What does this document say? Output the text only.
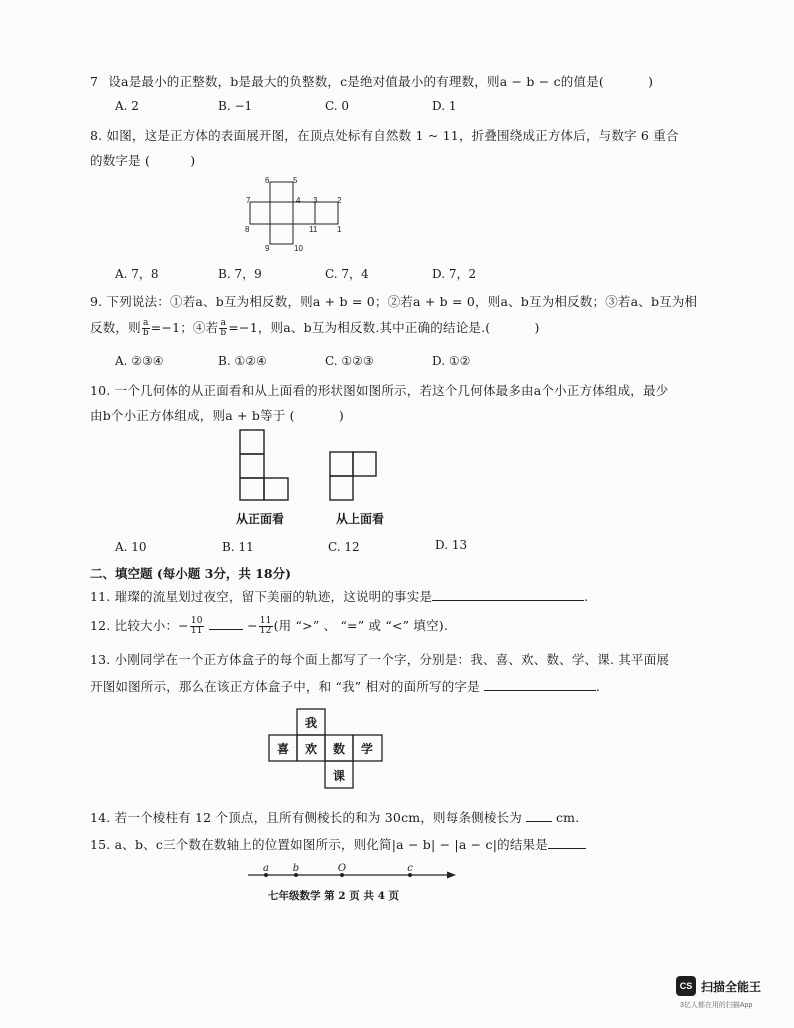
7 设a是最小的正整数，b是最大的负整数，c是绝对值最小的有理数，则a − b − c的值是(	)
A. 2	B. −1	C. 0	D. 1
8. 如图，这是正方体的表面展开图，在顶点处标有自然数 1 ~ 11，折叠围绕成正方体后，与数字 6 重合
的数字是 (	)
6	5
7	4 3 2
8	11 1
9	10
A. 7，8	B. 7，9	C. 7，4	D. 7，2
9. 下列说法：①若a、b互为相反数，则a + b = 0；②若a + b = 0，则a、b互为相反数；③若a、b互为相
反数，则 $\frac{a}{b} =-1$；④若 $\frac{a}{b} =-1$，则a、b互为相反数.其中正确的结论是.(	)
A. ②③④	B. ①②④	C. ①②③	D. ①②
10. 一个几何体的从正面看和从上面看的形状图如图所示，若这个几何体最多由a个小正方体组成，最少
由b个小正方体组成，则a + b等于 (	)
从正面看	从上面看
A. 10	B. 11	C. 12	D. 13
二、填空题 (每小题 3分，共 18分)
11. 璀璨的流星划过夜空，留下美丽的轨迹，这说明的事实是	.
12. 比较大小：− $\frac{10}{11}$	− $\frac{11}{12}$ (用 “>” 、 “=” 或 “<” 填空).
13. 小刚同学在一个正方体盒子的每个面上都写了一个字，分别是：我、喜、欢、数、学、课. 其平面展
开图如图所示，那么在该正方体盒子中，和 “我” 相对的面所写的字是	.
我
喜 欢 数 学
课
14. 若一个棱柱有 12 个顶点，且所有侧棱长的和为 30cm，则每条侧棱长为	cm.
15. a、b、c三个数在数轴上的位置如图所示，则化简|a − b| − |a − c|的结果是
a b	O	c
七年级数学 第 2 页 共 4 页
CS 扫描全能王
3亿人都在用的扫描App
